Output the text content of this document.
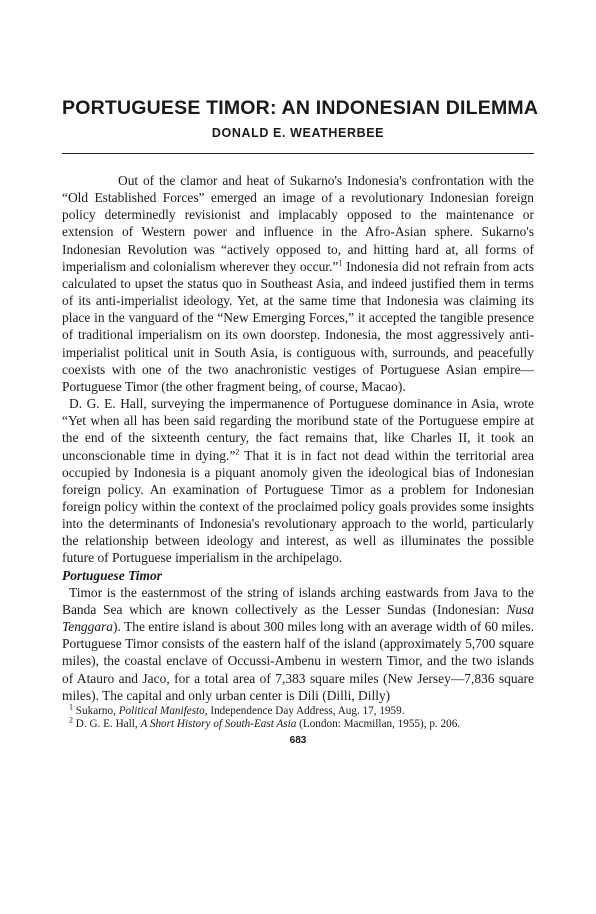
PORTUGUESE TIMOR: AN INDONESIAN DILEMMA
DONALD E. WEATHERBEE

Out of the clamor and heat of Sukarno's Indonesia's confrontation with the “Old Established Forces” emerged an image of a revolutionary Indonesian foreign policy determinedly revisionist and implacably opposed to the maintenance or extension of Western power and influence in the Afro-Asian sphere. Sukarno's Indonesian Revolution was “actively opposed to, and hitting hard at, all forms of imperialism and colonialism wherever they occur.”$^1$ Indonesia did not refrain from acts calculated to upset the status quo in Southeast Asia, and indeed justified them in terms of its anti-imperialist ideology. Yet, at the same time that Indonesia was claiming its place in the vanguard of the “New Emerging Forces,” it accepted the tangible presence of traditional imperialism on its own doorstep. Indonesia, the most aggressively anti-imperialist political unit in South Asia, is contiguous with, surrounds, and peacefully coexists with one of the two anachronistic vestiges of Portuguese Asian empire—Portuguese Timor (the other fragment being, of course, Macao).

D. G. E. Hall, surveying the impermanence of Portuguese dominance in Asia, wrote “Yet when all has been said regarding the moribund state of the Portuguese empire at the end of the sixteenth century, the fact remains that, like Charles II, it took an unconscionable time in dying.”$^2$ That it is in fact not dead within the territorial area occupied by Indonesia is a piquant anomoly given the ideological bias of Indonesian foreign policy. An examination of Portuguese Timor as a problem for Indonesian foreign policy within the context of the proclaimed policy goals provides some insights into the determinants of Indonesia's revolutionary approach to the world, particularly the relationship between ideology and interest, as well as illuminates the possible future of Portuguese imperialism in the archipelago.

Portuguese Timor

Timor is the easternmost of the string of islands arching eastwards from Java to the Banda Sea which are known collectively as the Lesser Sundas (Indonesian: Nusa Tenggara). The entire island is about 300 miles long with an average width of 60 miles. Portuguese Timor consists of the eastern half of the island (approximately 5,700 square miles), the coastal enclave of Occussi-Ambenu in western Timor, and the two islands of Atauro and Jaco, for a total area of 7,383 square miles (New Jersey—7,836 square miles). The capital and only urban center is Dili (Dilli, Dilly)

$^1$ Sukarno, Political Manifesto, Independence Day Address, Aug. 17, 1959.

$^2$ D. G. E. Hall, A Short History of South-East Asia (London: Macmillan, 1955), p. 206.

683
